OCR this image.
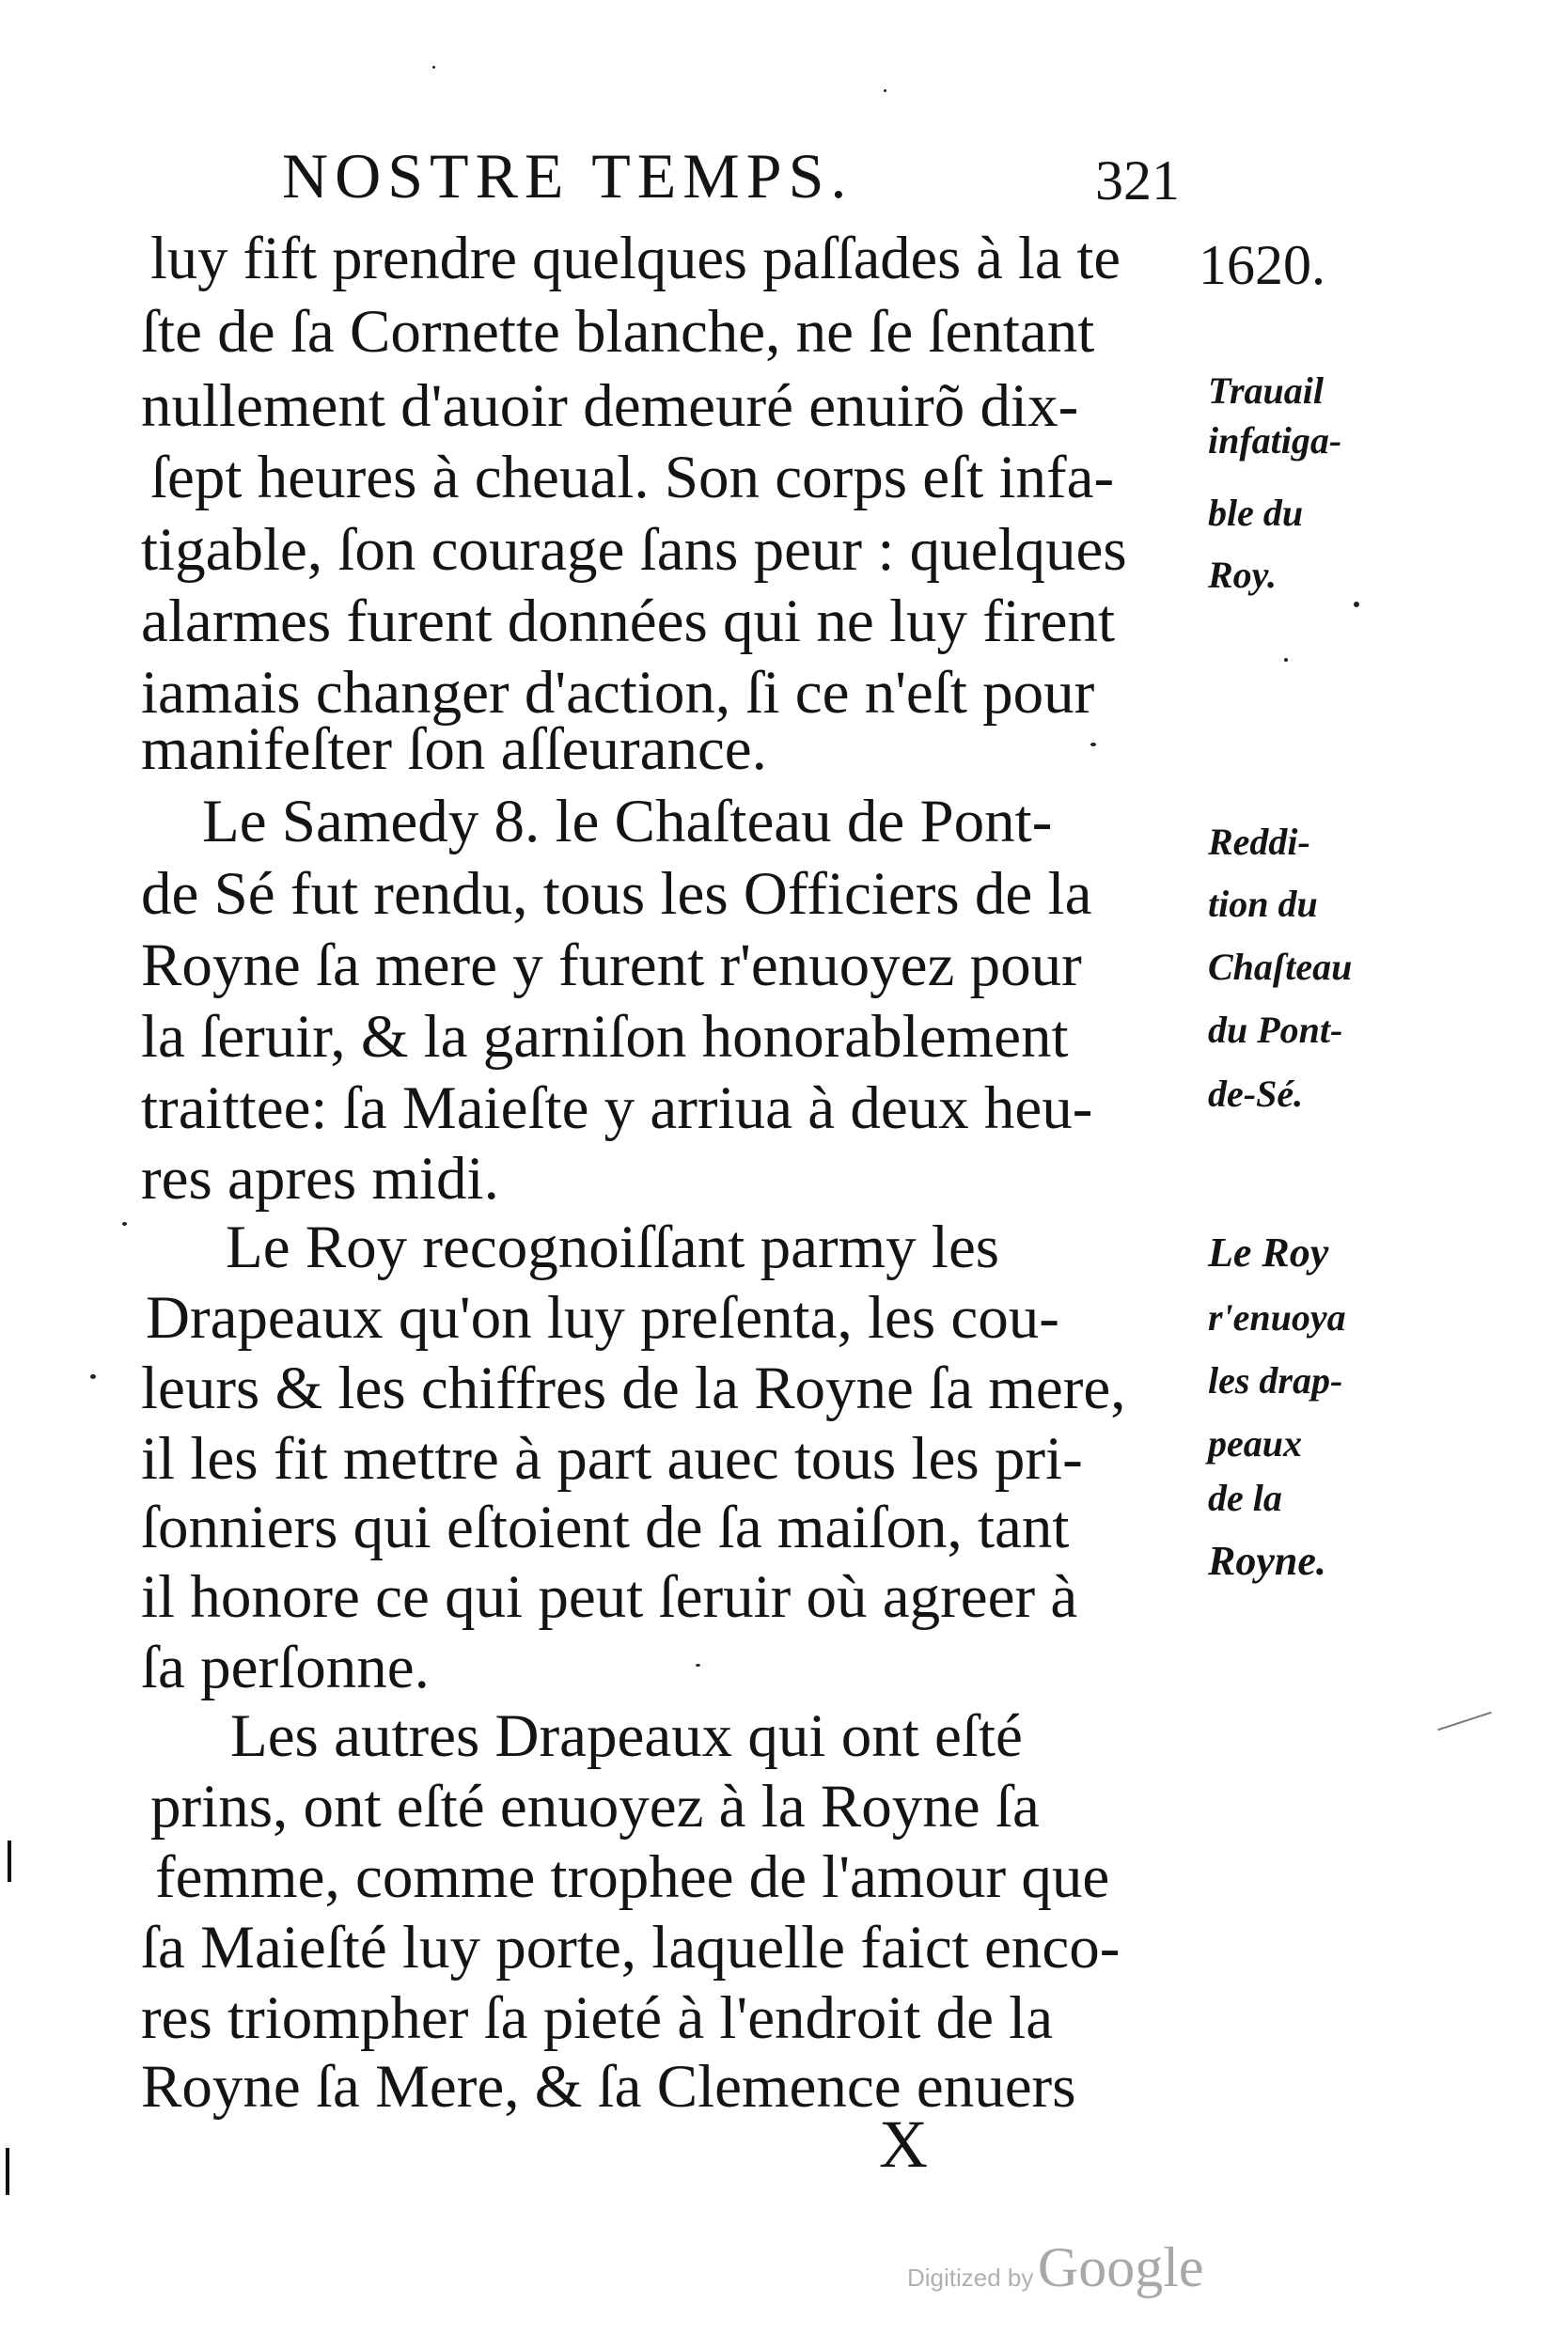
NOSTRE TEMPS.	321
1620.
luy fift prendre quelques paſſades à la te
ſte de ſa Cornette blanche, ne ſe ſentant
nullement d'auoir demeuré enuirõ dix-
ſept heures à cheual. Son corps eſt infa-
tigable, ſon courage ſans peur : quelques
alarmes furent données qui ne luy firent
iamais changer d'action, ſi ce n'eſt pour
manifeſter ſon aſſeurance.
Le Samedy 8. le Chaſteau de Pont-
de Sé fut rendu, tous les Officiers de la
Royne ſa mere y furent r'enuoyez pour
la ſeruir, & la garniſon honorablement
traittee: ſa Maieſte y arriua à deux heu-
res apres midi.
Le Roy recognoiſſant parmy les
Drapeaux qu'on luy preſenta, les cou-
leurs & les chiffres de la Royne ſa mere,
il les fit mettre à part auec tous les pri-
ſonniers qui eſtoient de ſa maiſon, tant
il honore ce qui peut ſeruir où agreer à
ſa perſonne.
Les autres Drapeaux qui ont eſté
prins, ont eſté enuoyez à la Royne ſa
femme, comme trophee de l'amour que
ſa Maieſté luy porte, laquelle faict enco-
res triompher ſa pieté à l'endroit de la
Royne ſa Mere, & ſa Clemence enuers
Trauail
infatiga-
ble du
Roy.
Reddi-
tion du
Chaſteau
du Pont-
de-Sé.
Le Roy
r'enuoya
les drap-
peaux
de la
Royne.
X
Digitized by Google
